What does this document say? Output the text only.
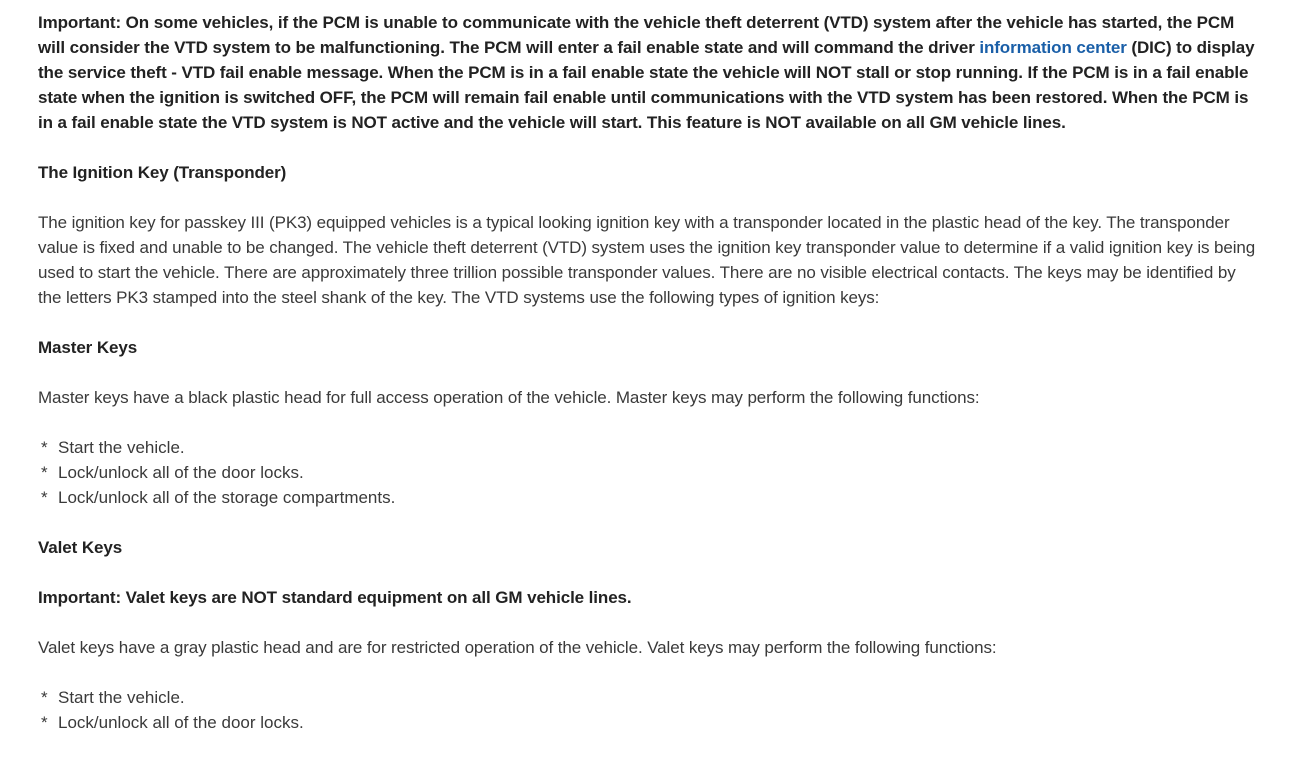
Important: On some vehicles, if the PCM is unable to communicate with the vehicle theft deterrent (VTD) system after the vehicle has started, the PCM will consider the VTD system to be malfunctioning. The PCM will enter a fail enable state and will command the driver information center (DIC) to display the service theft - VTD fail enable message. When the PCM is in a fail enable state the vehicle will NOT stall or stop running. If the PCM is in a fail enable state when the ignition is switched OFF, the PCM will remain fail enable until communications with the VTD system has been restored. When the PCM is in a fail enable state the VTD system is NOT active and the vehicle will start. This feature is NOT available on all GM vehicle lines.

The Ignition Key (Transponder)

The ignition key for passkey III (PK3) equipped vehicles is a typical looking ignition key with a transponder located in the plastic head of the key. The transponder value is fixed and unable to be changed. The vehicle theft deterrent (VTD) system uses the ignition key transponder value to determine if a valid ignition key is being used to start the vehicle. There are approximately three trillion possible transponder values. There are no visible electrical contacts. The keys may be identified by the letters PK3 stamped into the steel shank of the key. The VTD systems use the following types of ignition keys:

Master Keys

Master keys have a black plastic head for full access operation of the vehicle. Master keys may perform the following functions:

* Start the vehicle.
* Lock/unlock all of the door locks.
* Lock/unlock all of the storage compartments.

Valet Keys

Important: Valet keys are NOT standard equipment on all GM vehicle lines.

Valet keys have a gray plastic head and are for restricted operation of the vehicle. Valet keys may perform the following functions:

* Start the vehicle.
* Lock/unlock all of the door locks.
